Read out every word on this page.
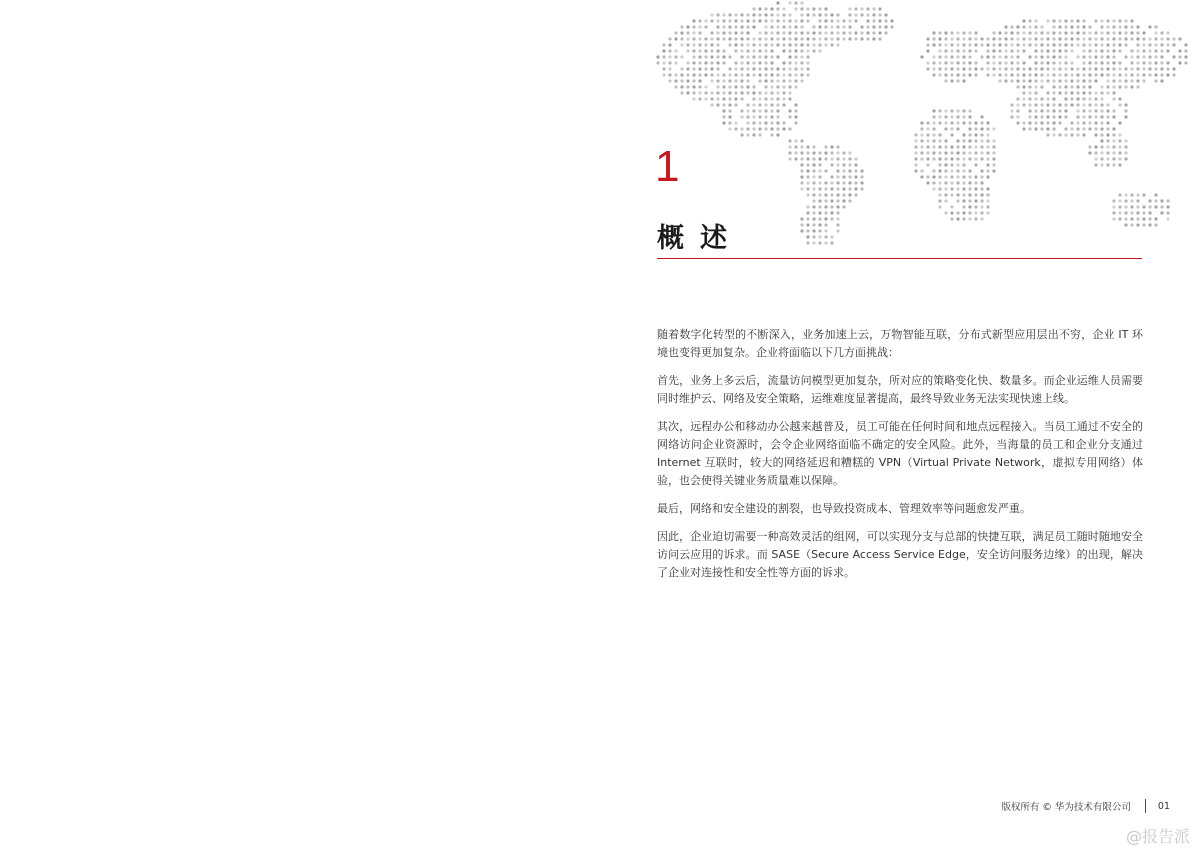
1
概述

随着数字化转型的不断深入，业务加速上云，万物智能互联，分布式新型应用层出不穷，企业 IT 环境也变得更加复杂。企业将面临以下几方面挑战：

首先，业务上多云后，流量访问模型更加复杂，所对应的策略变化快、数量多。而企业运维人员需要同时维护云、网络及安全策略，运维难度显著提高，最终导致业务无法实现快速上线。

其次，远程办公和移动办公越来越普及，员工可能在任何时间和地点远程接入。当员工通过不安全的网络访问企业资源时，会令企业网络面临不确定的安全风险。此外，当海量的员工和企业分支通过 Internet 互联时，较大的网络延迟和糟糕的 VPN（Virtual Private Network，虚拟专用网络）体验，也会使得关键业务质量难以保障。

最后，网络和安全建设的割裂，也导致投资成本、管理效率等问题愈发严重。

因此，企业迫切需要一种高效灵活的组网，可以实现分支与总部的快捷互联，满足员工随时随地安全访问云应用的诉求。而 SASE（Secure Access Service Edge，安全访问服务边缘）的出现，解决了企业对连接性和安全性等方面的诉求。

版权所有 © 华为技术有限公司	01
@报告派
